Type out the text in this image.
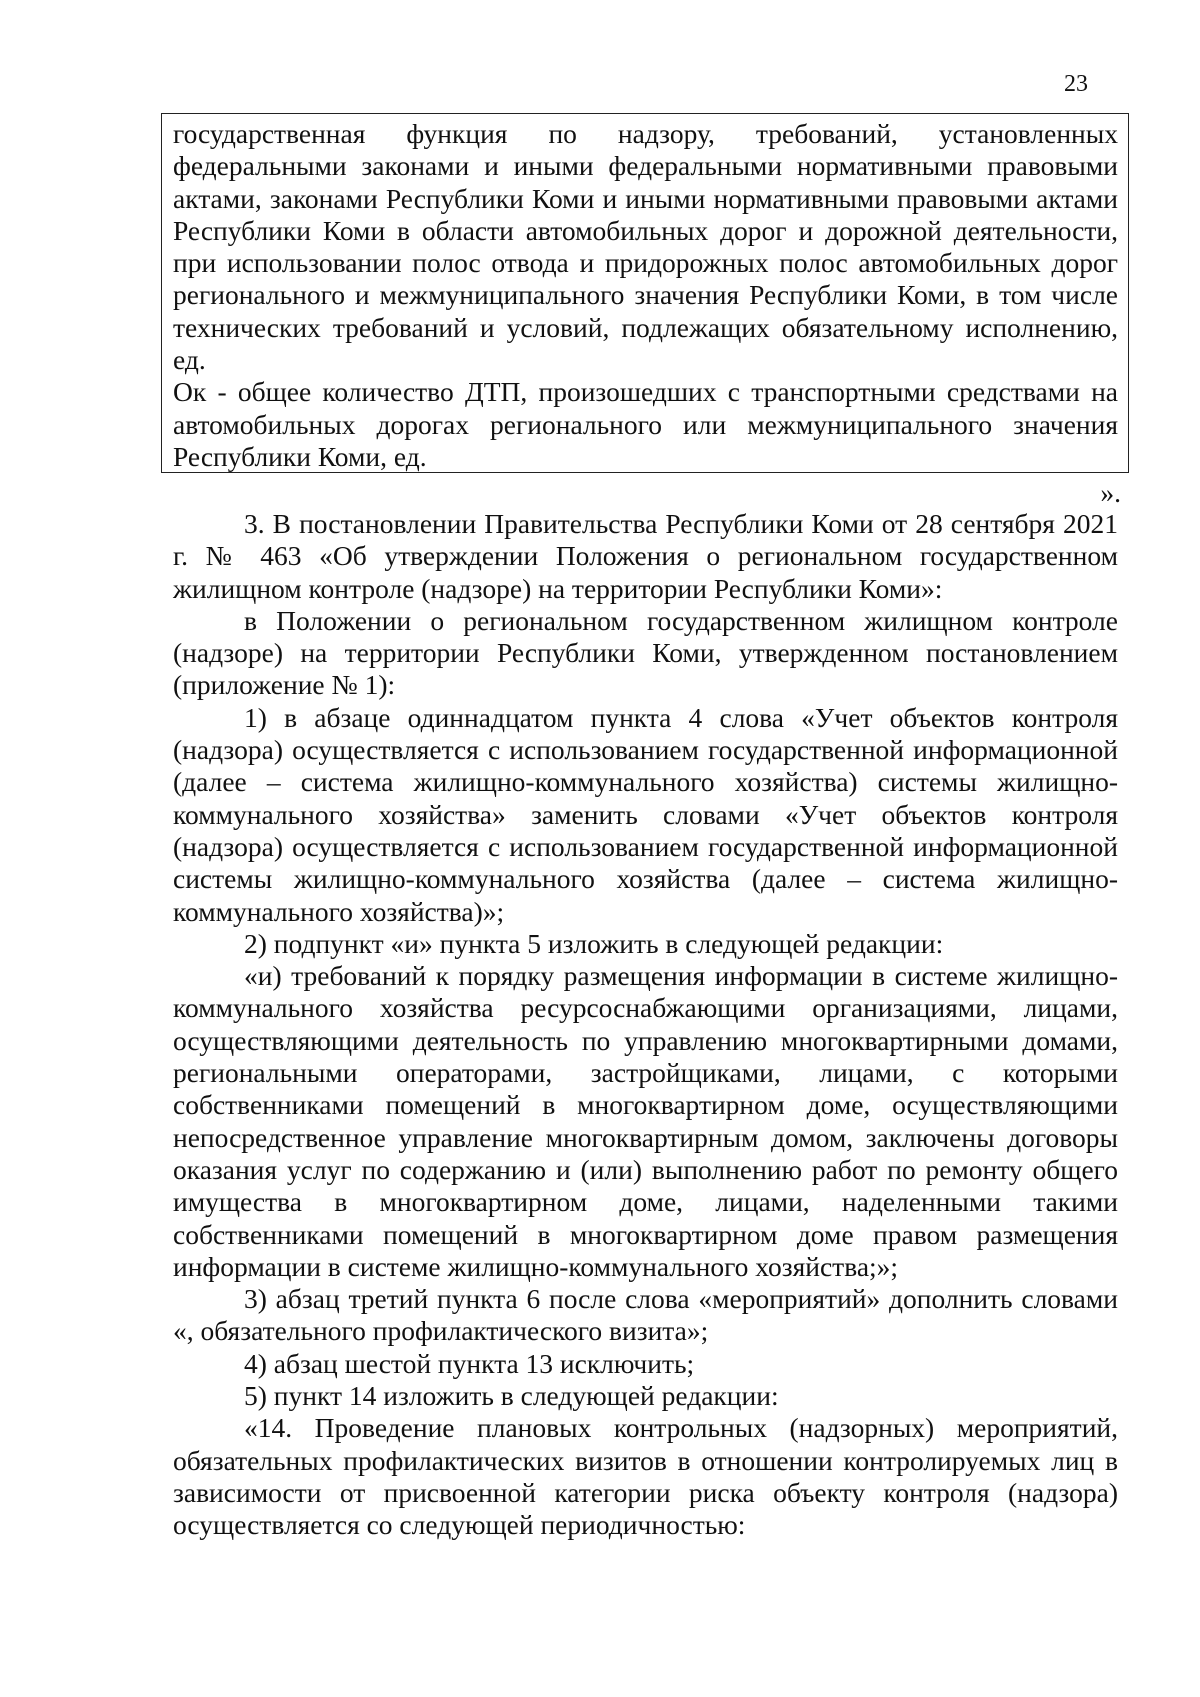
23

государственная функция по надзору, требований, установленных федеральными законами и иными федеральными нормативными правовыми актами, законами Республики Коми и иными нормативными правовыми актами Республики Коми в области автомобильных дорог и дорожной деятельности, при использовании полос отвода и придорожных полос автомобильных дорог регионального и межмуниципального значения Республики Коми, в том числе технических требований и условий, подлежащих обязательному исполнению, ед.

Ок - общее количество ДТП, произошедших с транспортными средствами на автомобильных дорогах регионального или межмуниципального значения Республики Коми, ед.

».

3. В постановлении Правительства Республики Коми от 28 сентября 2021 г. № 463 «Об утверждении Положения о региональном государственном жилищном контроле (надзоре) на территории Республики Коми»:

в Положении о региональном государственном жилищном контроле (надзоре) на территории Республики Коми, утвержденном постановлением (приложение № 1):

1) в абзаце одиннадцатом пункта 4 слова «Учет объектов контроля (надзора) осуществляется с использованием государственной информационной (далее – система жилищно-коммунального хозяйства) системы жилищно-коммунального хозяйства» заменить словами «Учет объектов контроля (надзора) осуществляется с использованием государственной информационной системы жилищно-коммунального хозяйства (далее – система жилищно-коммунального хозяйства)»;

2) подпункт «и» пункта 5 изложить в следующей редакции:

«и) требований к порядку размещения информации в системе жилищно-коммунального хозяйства ресурсоснабжающими организациями, лицами, осуществляющими деятельность по управлению многоквартирными домами, региональными операторами, застройщиками, лицами, с которыми собственниками помещений в многоквартирном доме, осуществляющими непосредственное управление многоквартирным домом, заключены договоры оказания услуг по содержанию и (или) выполнению работ по ремонту общего имущества в многоквартирном доме, лицами, наделенными такими собственниками помещений в многоквартирном доме правом размещения информации в системе жилищно-коммунального хозяйства;»;

3) абзац третий пункта 6 после слова «мероприятий» дополнить словами «, обязательного профилактического визита»;

4) абзац шестой пункта 13 исключить;

5) пункт 14 изложить в следующей редакции:

«14. Проведение плановых контрольных (надзорных) мероприятий, обязательных профилактических визитов в отношении контролируемых лиц в зависимости от присвоенной категории риска объекту контроля (надзора) осуществляется со следующей периодичностью:
